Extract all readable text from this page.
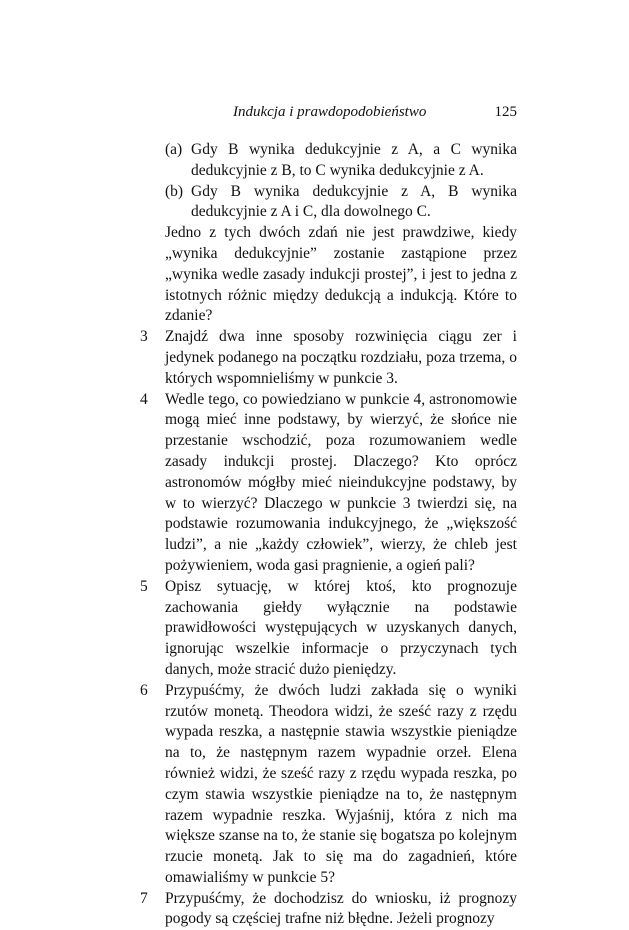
Indukcja i prawdopodobieństwo	125
(a) Gdy B wynika dedukcyjnie z A, a C wynika dedukcyjnie z B, to C wynika dedukcyjnie z A.
(b) Gdy B wynika dedukcyjnie z A, B wynika dedukcyjnie z A i C, dla dowolnego C.

Jedno z tych dwóch zdań nie jest prawdziwe, kiedy „wynika dedukcyjnie” zostanie zastąpione przez „wynika wedle zasady indukcji prostej”, i jest to jedna z istotnych różnic między dedukcją a indukcją. Które to zdanie?

3 Znajdź dwa inne sposoby rozwinięcia ciągu zer i jedynek podanego na początku rozdziału, poza trzema, o których wspomnieliśmy w punkcie 3.

4 Wedle tego, co powiedziano w punkcie 4, astronomowie mogą mieć inne podstawy, by wierzyć, że słońce nie przestanie wschodzić, poza rozumowaniem wedle zasady indukcji prostej. Dlaczego? Kto oprócz astronomów mógłby mieć nieindukcyjne podstawy, by w to wierzyć? Dlaczego w punkcie 3 twierdzi się, na podstawie rozumowania indukcyjnego, że „większość ludzi”, a nie „każdy człowiek”, wierzy, że chleb jest pożywieniem, woda gasi pragnienie, a ogień pali?

5 Opisz sytuację, w której ktoś, kto prognozuje zachowania giełdy wyłącznie na podstawie prawidłowości występujących w uzyskanych danych, ignorując wszelkie informacje o przyczynach tych danych, może stracić dużo pieniędzy.

6 Przypuśćmy, że dwóch ludzi zakłada się o wyniki rzutów monetą. Theodora widzi, że sześć razy z rzędu wypada reszka, a następnie stawia wszystkie pieniądze na to, że następnym razem wypadnie orzeł. Elena również widzi, że sześć razy z rzędu wypada reszka, po czym stawia wszystkie pieniądze na to, że następnym razem wypadnie reszka. Wyjaśnij, która z nich ma większe szanse na to, że stanie się bogatsza po kolejnym rzucie monetą. Jak to się ma do zagadnień, które omawialiśmy w punkcie 5?

7 Przypuśćmy, że dochodzisz do wniosku, iż prognozy pogody są częściej trafne niż błędne. Jeżeli prognozy
